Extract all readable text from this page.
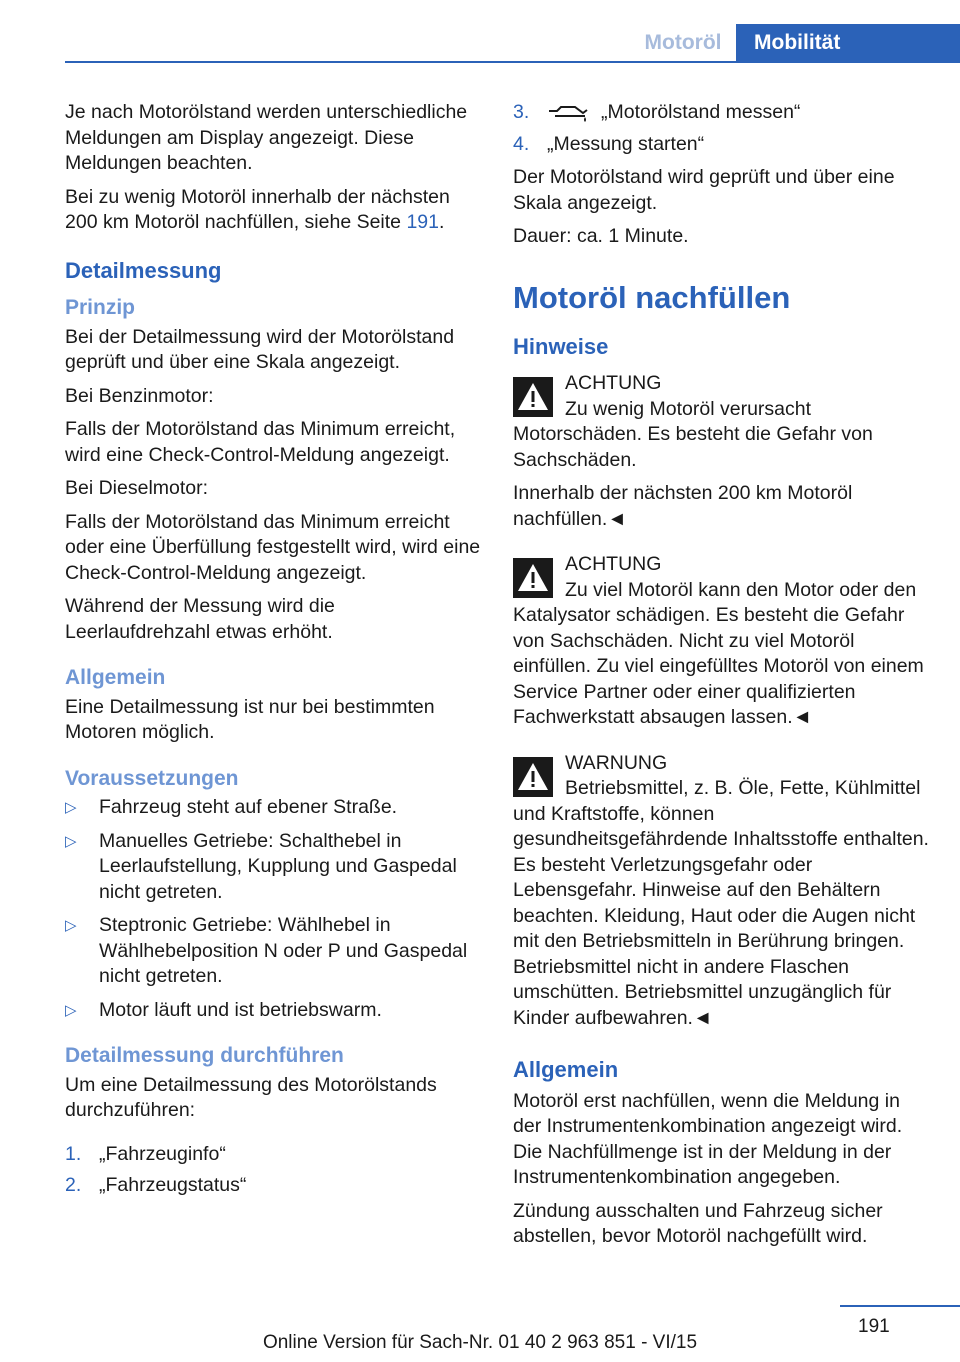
Motoröl	Mobilität

Je nach Motorölstand werden unterschiedliche Meldungen am Display angezeigt. Diese Meldungen beachten.

Bei zu wenig Motoröl innerhalb der nächsten 200 km Motoröl nachfüllen, siehe Seite 191.

Detailmessung
Prinzip

Bei der Detailmessung wird der Motorölstand geprüft und über eine Skala angezeigt.

Bei Benzinmotor:

Falls der Motorölstand das Minimum erreicht, wird eine Check-Control-Meldung angezeigt.

Bei Dieselmotor:

Falls der Motorölstand das Minimum erreicht oder eine Überfüllung festgestellt wird, wird eine Check-Control-Meldung angezeigt.

Während der Messung wird die Leerlaufdrehzahl etwas erhöht.

Allgemein

Eine Detailmessung ist nur bei bestimmten Motoren möglich.

Voraussetzungen
▷ Fahrzeug steht auf ebener Straße.
▷ Manuelles Getriebe: Schalthebel in Leerlaufstellung, Kupplung und Gaspedal nicht getreten.
▷ Steptronic Getriebe: Wählhebel in Wählhebelposition N oder P und Gaspedal nicht getreten.
▷ Motor läuft und ist betriebswarm.
Detailmessung durchführen

Um eine Detailmessung des Motorölstands durchzuführen:

1. „Fahrzeuginfo“
2. „Fahrzeugstatus“
3.	„Motorölstand messen“
4. „Messung starten“

Der Motorölstand wird geprüft und über eine Skala angezeigt.

Dauer: ca. 1 Minute.

Motoröl nachfüllen
Hinweise
ACHTUNG
Zu wenig Motoröl verursacht Motorschäden. Es besteht die Gefahr von Sachschäden.

Innerhalb der nächsten 200 km Motoröl nachfüllen.◄

ACHTUNG
Zu viel Motoröl kann den Motor oder den Katalysator schädigen. Es besteht die Gefahr von Sachschäden. Nicht zu viel Motoröl einfüllen. Zu viel eingefülltes Motoröl von einem Service Partner oder einer qualifizierten Fachwerkstatt absaugen lassen.◄
WARNUNG
Betriebsmittel, z. B. Öle, Fette, Kühlmittel und Kraftstoffe, können gesundheitsgefährdende Inhaltsstoffe enthalten. Es besteht Verletzungsgefahr oder Lebensgefahr. Hinweise auf den Behältern beachten. Kleidung, Haut oder die Augen nicht mit den Betriebsmitteln in Berührung bringen. Betriebsmittel nicht in andere Flaschen umschütten. Betriebsmittel unzugänglich für Kinder aufbewahren.◄
Allgemein

Motoröl erst nachfüllen, wenn die Meldung in der Instrumentenkombination angezeigt wird. Die Nachfüllmenge ist in der Meldung in der Instrumentenkombination angegeben.

Zündung ausschalten und Fahrzeug sicher abstellen, bevor Motoröl nachgefüllt wird.

191
Online Version für Sach-Nr. 01 40 2 963 851 - VI/15
